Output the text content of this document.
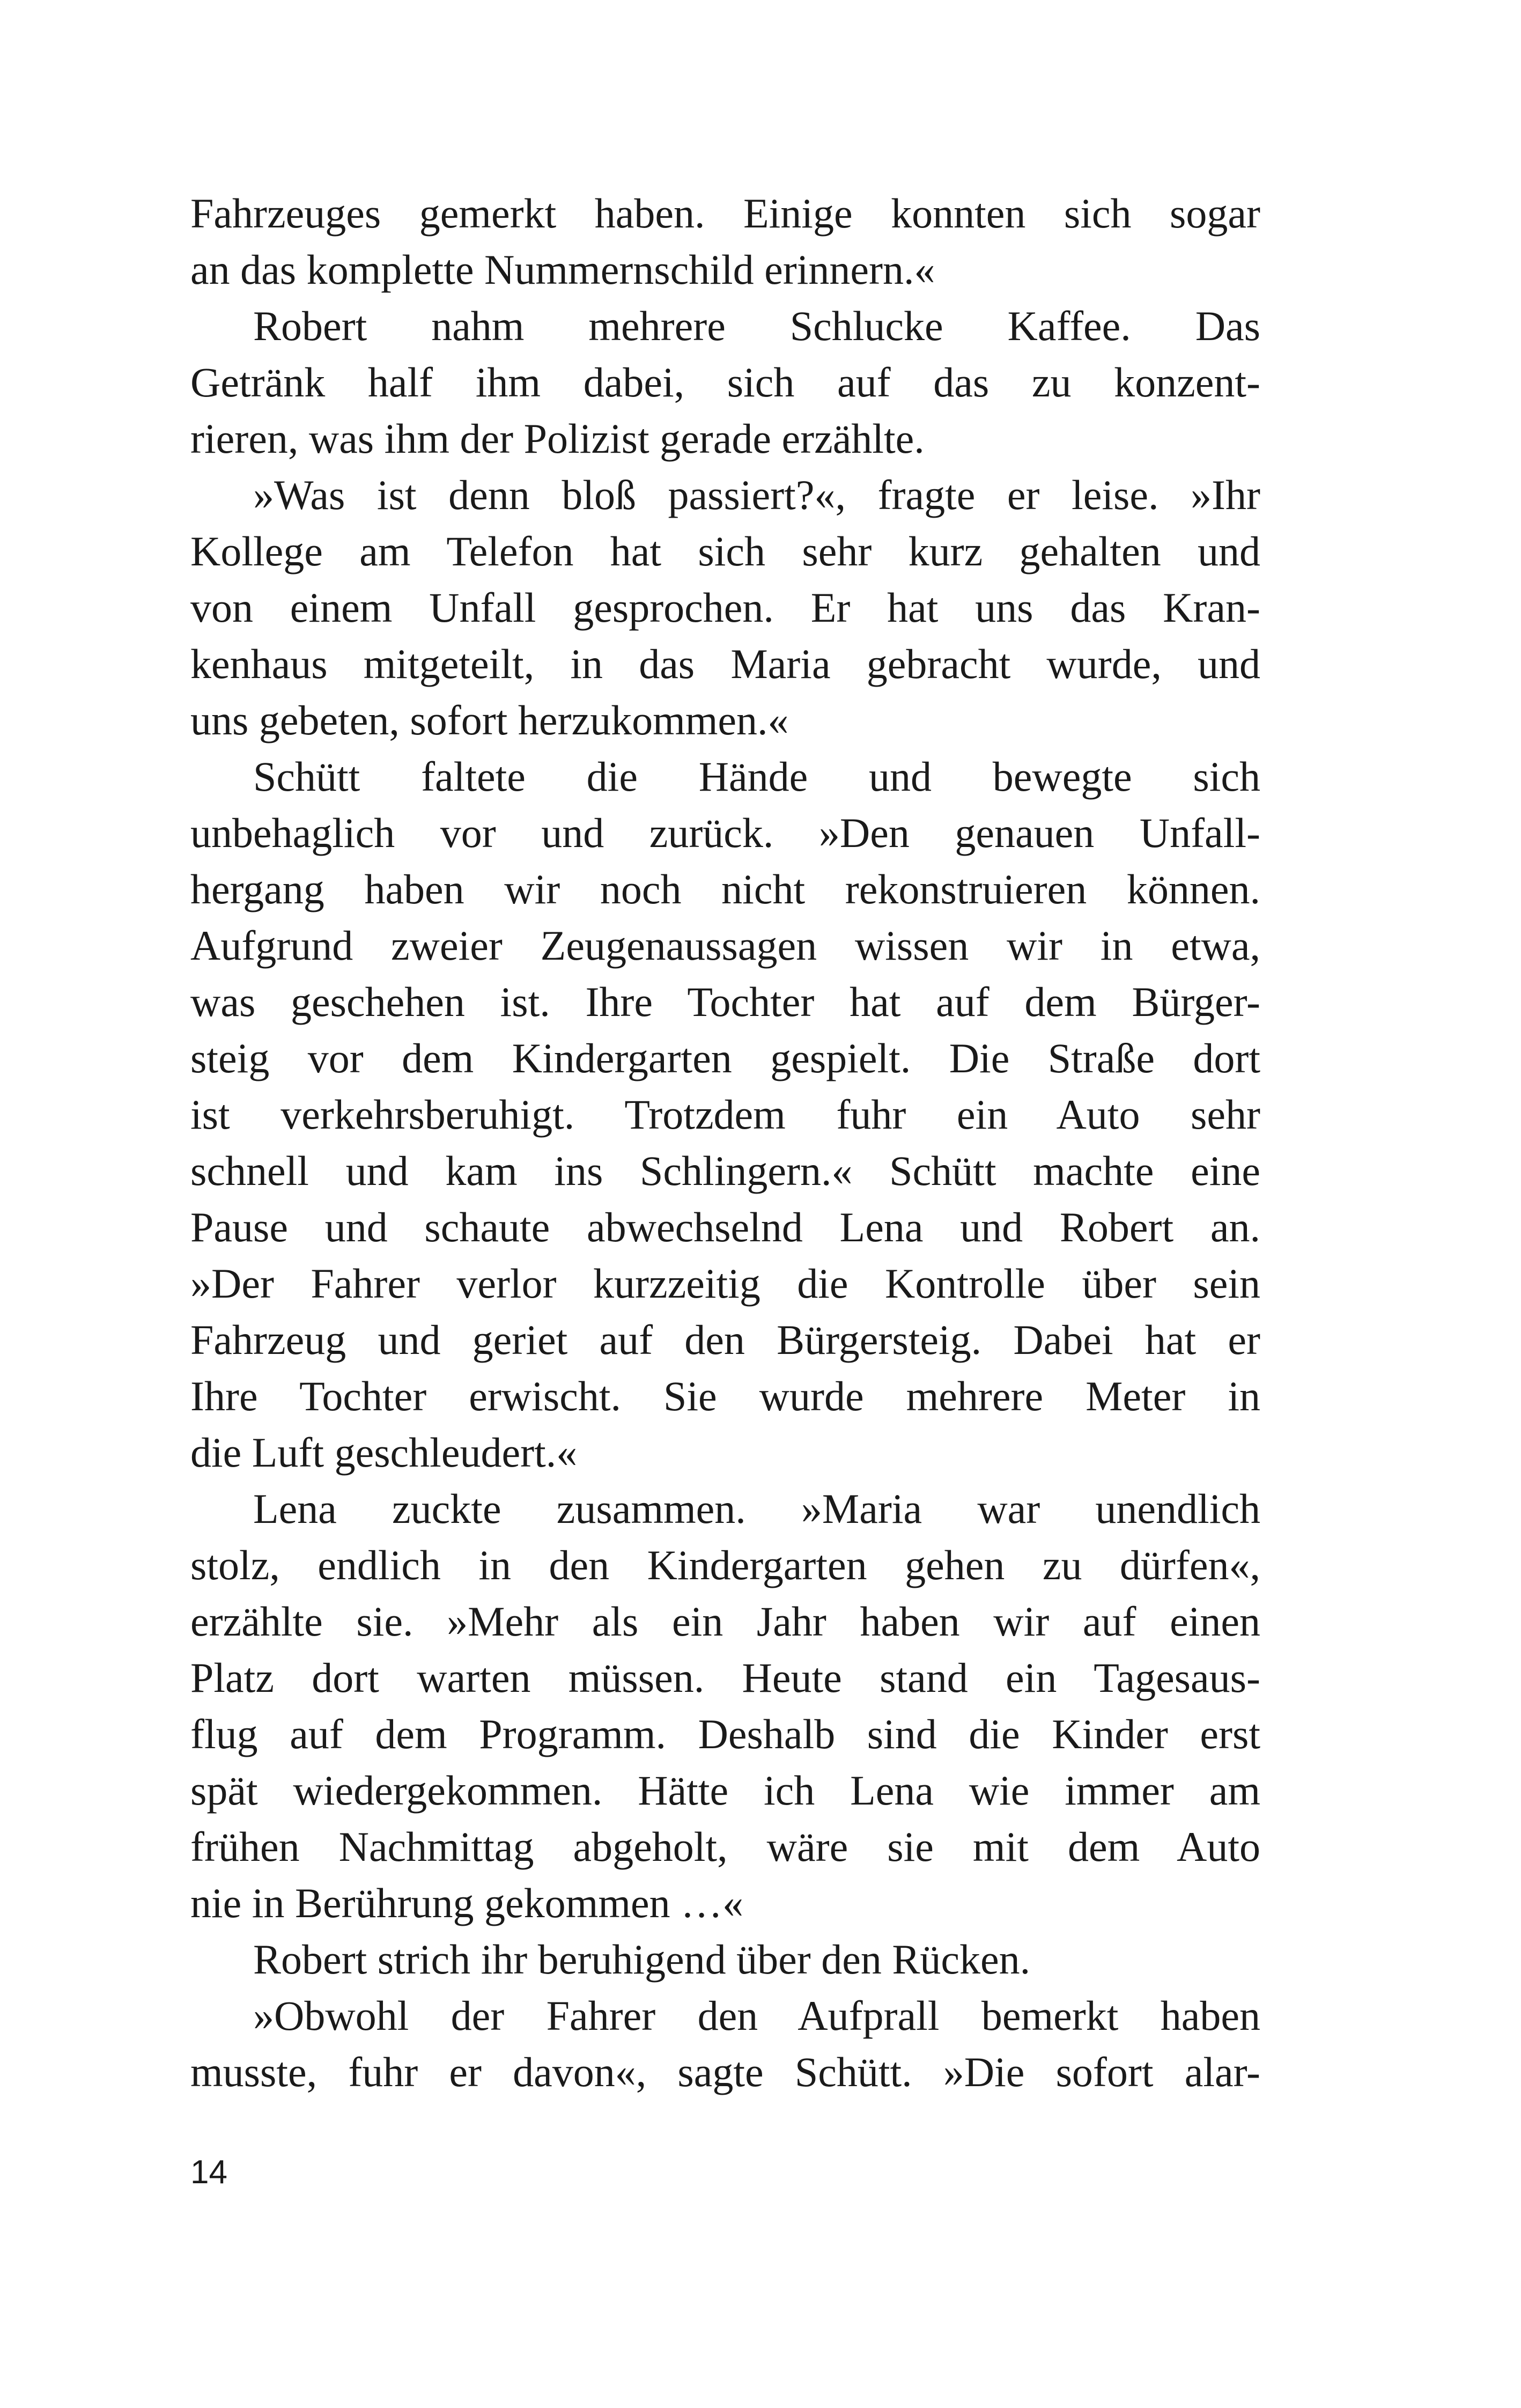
Fahrzeuges gemerkt haben. Einige konnten sich sogar
an das komplette Nummernschild erinnern.«
Robert nahm mehrere Schlucke Kaffee. Das
Getränk half ihm dabei, sich auf das zu konzent-
rieren, was ihm der Polizist gerade erzählte.
»Was ist denn bloß passiert?«, fragte er leise. »Ihr
Kollege am Telefon hat sich sehr kurz gehalten und
von einem Unfall gesprochen. Er hat uns das Kran-
kenhaus mitgeteilt, in das Maria gebracht wurde, und
uns gebeten, sofort herzukommen.«
Schütt faltete die Hände und bewegte sich
unbehaglich vor und zurück. »Den genauen Unfall-
hergang haben wir noch nicht rekonstruieren können.
Aufgrund zweier Zeugenaussagen wissen wir in etwa,
was geschehen ist. Ihre Tochter hat auf dem Bürger-
steig vor dem Kindergarten gespielt. Die Straße dort
ist verkehrsberuhigt. Trotzdem fuhr ein Auto sehr
schnell und kam ins Schlingern.« Schütt machte eine
Pause und schaute abwechselnd Lena und Robert an.
»Der Fahrer verlor kurzzeitig die Kontrolle über sein
Fahrzeug und geriet auf den Bürgersteig. Dabei hat er
Ihre Tochter erwischt. Sie wurde mehrere Meter in
die Luft geschleudert.«
Lena zuckte zusammen. »Maria war unendlich
stolz, endlich in den Kindergarten gehen zu dürfen«,
erzählte sie. »Mehr als ein Jahr haben wir auf einen
Platz dort warten müssen. Heute stand ein Tagesaus-
flug auf dem Programm. Deshalb sind die Kinder erst
spät wiedergekommen. Hätte ich Lena wie immer am
frühen Nachmittag abgeholt, wäre sie mit dem Auto
nie in Berührung gekommen …«
Robert strich ihr beruhigend über den Rücken.
»Obwohl der Fahrer den Aufprall bemerkt haben
musste, fuhr er davon«, sagte Schütt. »Die sofort alar-
14
